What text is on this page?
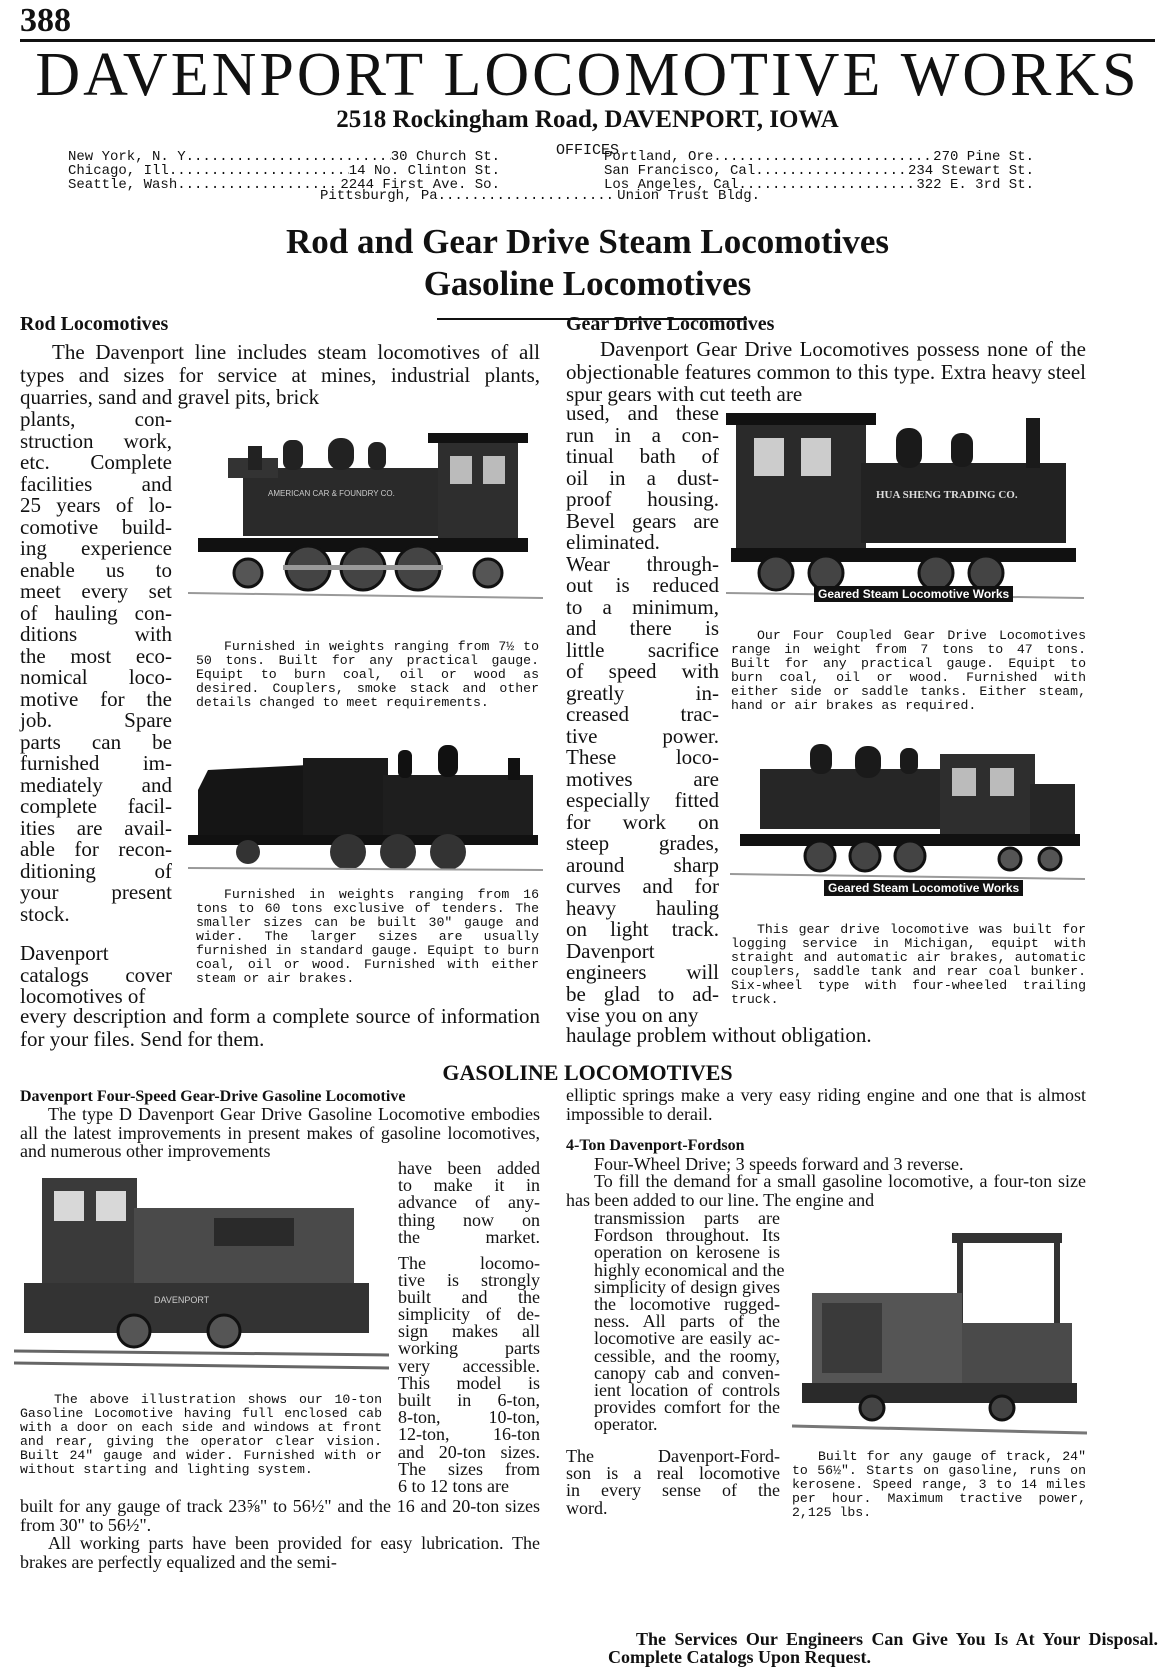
388
DAVENPORT LOCOMOTIVE WORKS
2518 Rockingham Road, DAVENPORT, IOWA
OFFICES
New York, N. Y. .....	30 Church St.
Chicago, Ill. .....	14 No. Clinton St.
Seattle, Wash. .....	2244 First Ave. So.
Portland, Ore. .....	270 Pine St.
San Francisco, Cal. .....	234 Stewart St.
Los Angeles, Cal. .....	322 E. 3rd St.
Pittsburgh, Pa. .....	Union Trust Bldg.
Rod and Gear Drive Steam Locomotives
Gasoline Locomotives
Rod Locomotives
The Davenport line includes steam locomotives of all types and sizes for service at mines, industrial plants, quarries, sand and gravel pits, brick
plants, con-
struction work,
etc. Complete
facilities and
25 years of lo-
comotive build-
ing experience
enable us to
meet every set
of hauling con-
ditions with
the most eco-
nomical loco-
motive for the
job. Spare
parts can be
furnished im-
mediately and
complete facil-
ities are avail-
able for recon-
ditioning of
your present
stock.
Davenport
catalogs cover
locomotives of
every description and form a complete source of information for your files. Send for them.
AMERICAN CAR & FOUNDRY CO.
Furnished in weights ranging from 7½ to 50 tons. Built for any practical gauge. Equipt to burn coal, oil or wood as desired. Couplers, smoke stack and other details changed to meet requirements.
Furnished in weights ranging from 16 tons to 60 tons exclusive of tenders. The smaller sizes can be built 30" gauge and wider. The larger sizes are usually furnished in standard gauge. Equipt to burn coal, oil or wood. Furnished with either steam or air brakes.
Gear Drive Locomotives
Davenport Gear Drive Locomotives possess none of the objectionable features common to this type. Extra heavy steel spur gears with cut teeth are
used, and these
run in a con-
tinual bath of
oil in a dust-
proof housing.
Bevel gears are
eliminated.
Wear through-
out is reduced
to a minimum,
and there is
little sacrifice
of speed with
greatly in-
creased trac-
tive power.
These loco-
motives are
especially fitted
for work on
steep grades,
around sharp
curves and for
heavy hauling
on light track.
Davenport
engineers will
be glad to ad-
vise you on any
haulage problem without obligation.
HUA SHENG TRADING CO.
Geared Steam Locomotive Works
Our Four Coupled Gear Drive Locomotives range in weight from 7 tons to 47 tons. Built for any practical gauge. Equipt to burn coal, oil or wood. Furnished with either side or saddle tanks. Either steam, hand or air brakes as required.
Geared Steam Locomotive Works
This gear drive locomotive was built for logging service in Michigan, equipt with straight and automatic air brakes, automatic couplers, saddle tank and rear coal bunker. Six-wheel type with four-wheeled trailing truck.
GASOLINE LOCOMOTIVES
Davenport Four-Speed Gear-Drive Gasoline Locomotive
The type D Davenport Gear Drive Gasoline Locomotive embodies all the latest improvements in present makes of gasoline locomotives, and numerous other improvements
have been added
to make it in
advance of any-
thing now on
the market.
The locomo-
tive is strongly
built and the
simplicity of de-
sign makes all
working parts
very accessible.
This model is
built in 6-ton,
8-ton, 10-ton,
12-ton, 16-ton
and 20-ton sizes.
The sizes from
6 to 12 tons are
built for any gauge of track 23⅝" to 56½" and the 16 and 20-ton sizes from 30" to 56½".
All working parts have been provided for easy lubrication. The brakes are perfectly equalized and the semi-
DAVENPORT
The above illustration shows our 10-ton Gasoline Locomotive having full enclosed cab with a door on each side and windows at front and rear, giving the operator clear vision. Built 24" gauge and wider. Furnished with or without starting and lighting system.
elliptic springs make a very easy riding engine and one that is almost impossible to derail.
4-Ton Davenport-Fordson
Four-Wheel Drive; 3 speeds forward and 3 reverse.
To fill the demand for a small gasoline locomotive, a four-ton size has been added to our line. The engine and
transmission parts are
Fordson throughout. Its
operation on kerosene is
highly economical and the
simplicity of design gives
the locomotive rugged-
ness. All parts of the
locomotive are easily ac-
cessible, and the roomy,
canopy cab and conven-
ient location of controls
provides comfort for the
operator.
The Davenport-Ford-
son is a real locomotive
in every sense of the
word.
Built for any gauge of track, 24" to 56½". Starts on gasoline, runs on kerosene. Speed range, 3 to 14 miles per hour. Maximum tractive power, 2,125 lbs.
The Services Our Engineers Can Give You Is At Your Disposal. Complete Catalogs Upon Request.
